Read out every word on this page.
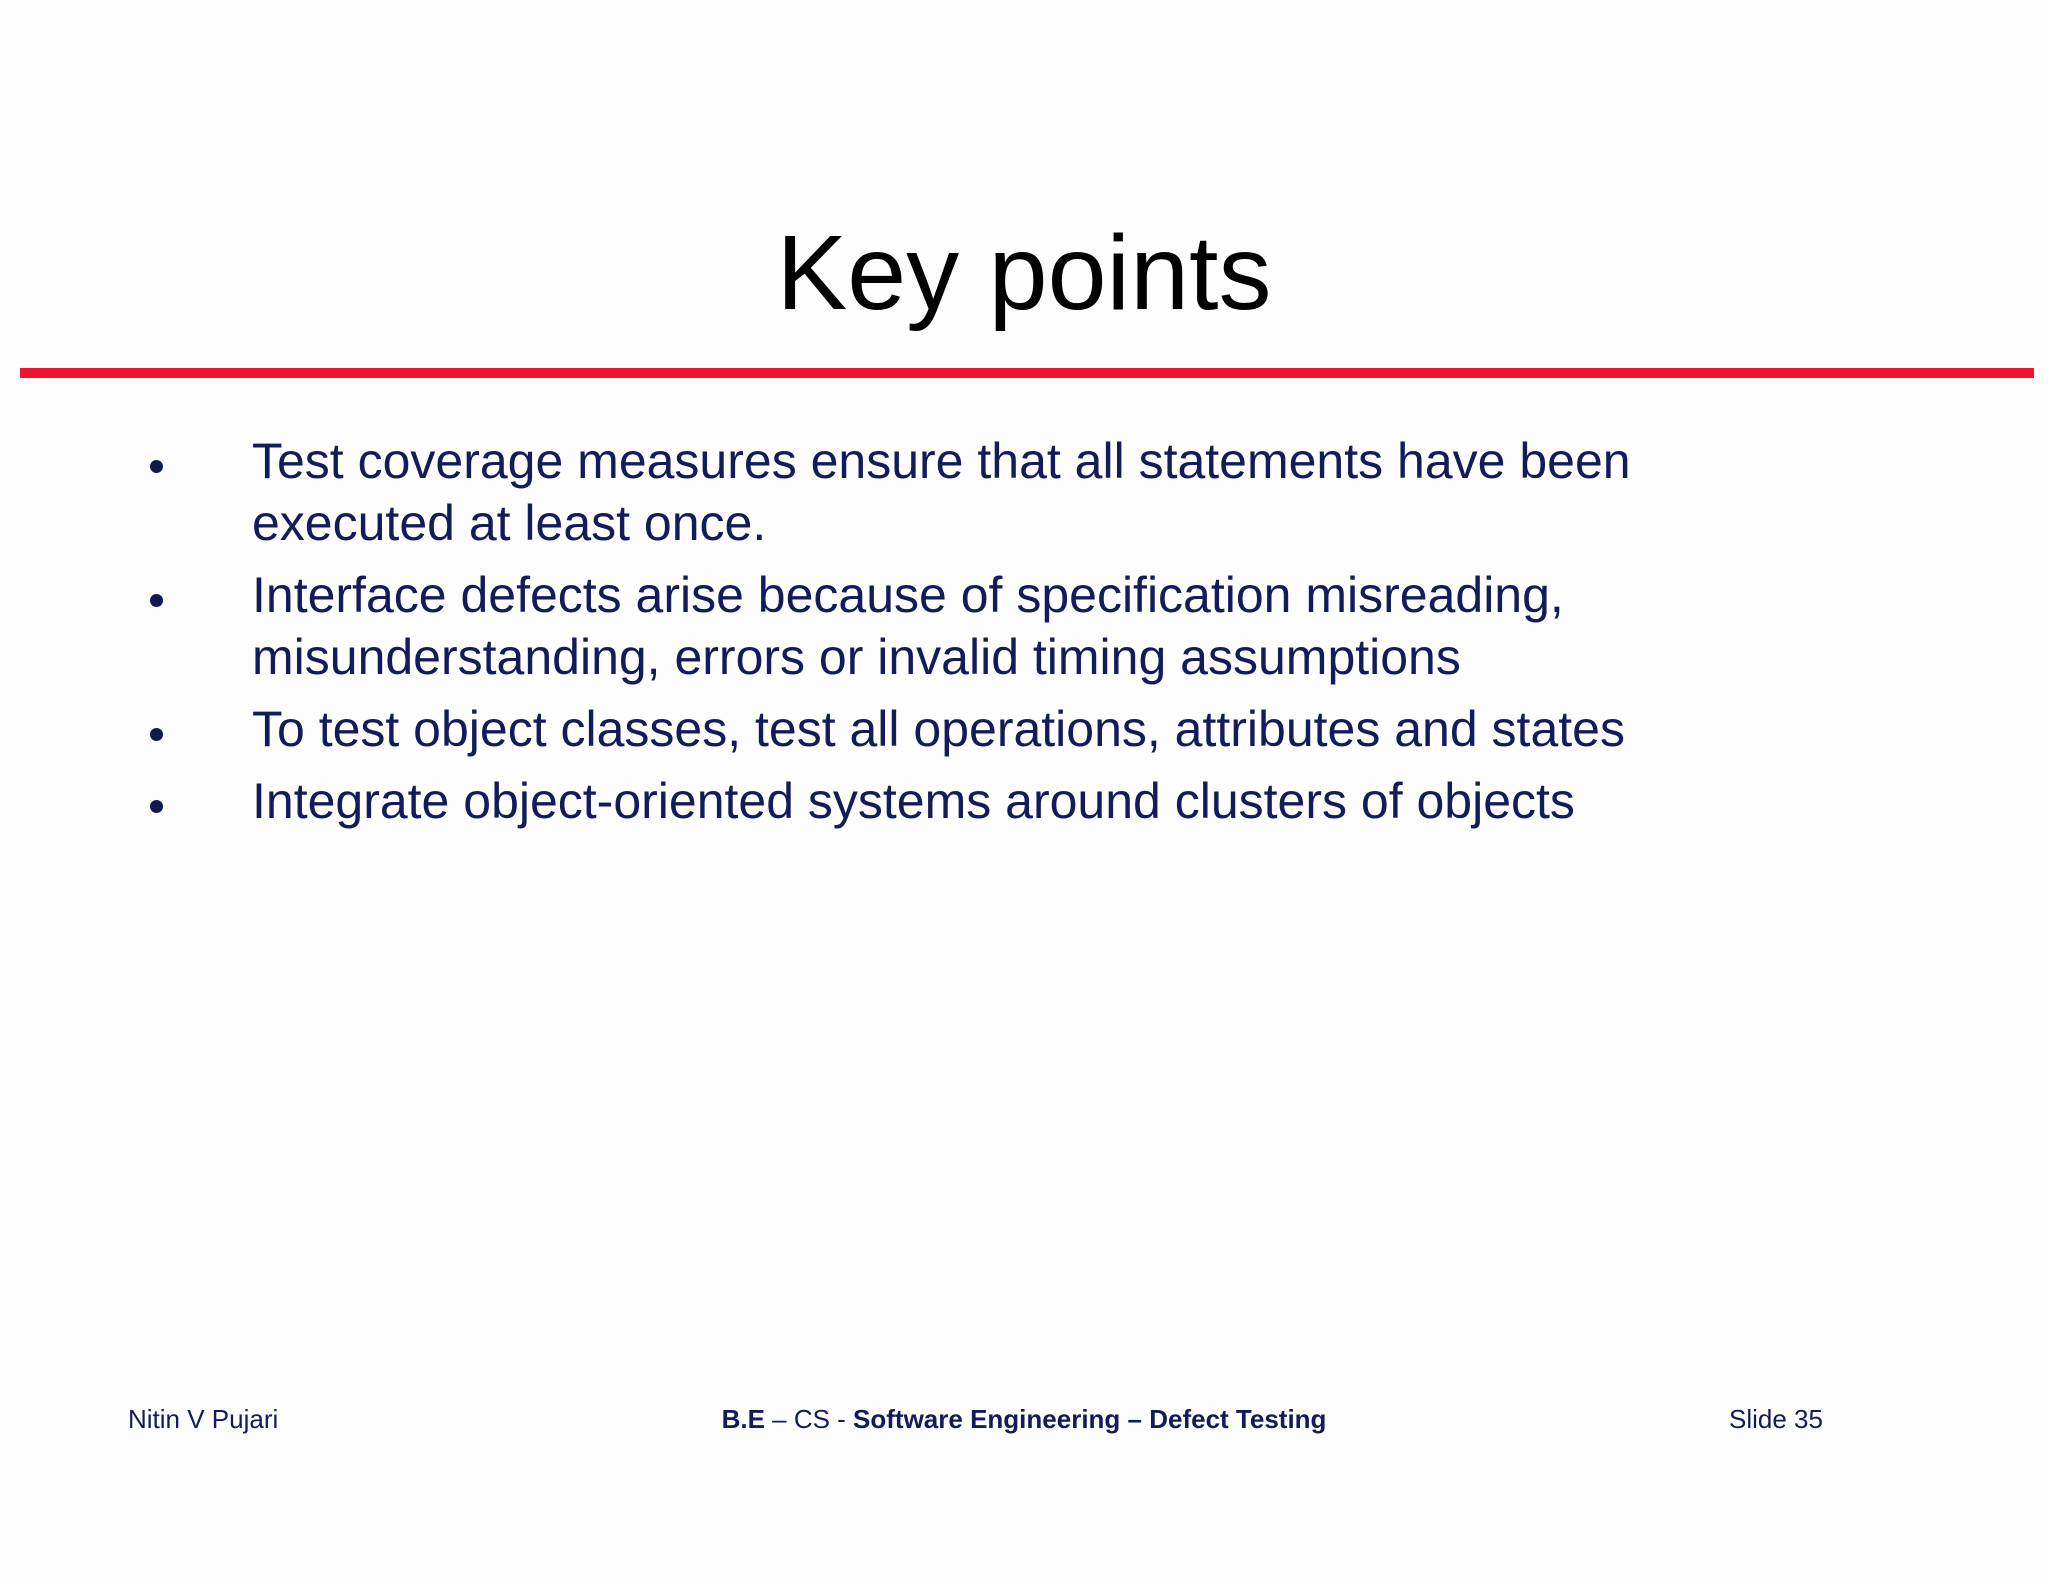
Key points
Test coverage measures ensure that all statements have been executed at least once.
Interface defects arise because of specification misreading, misunderstanding, errors or invalid timing assumptions
To test object classes, test all operations, attributes and states
Integrate object-oriented systems around clusters of objects
Nitin V Pujari	B.E – CS - Software Engineering – Defect Testing	Slide 35
